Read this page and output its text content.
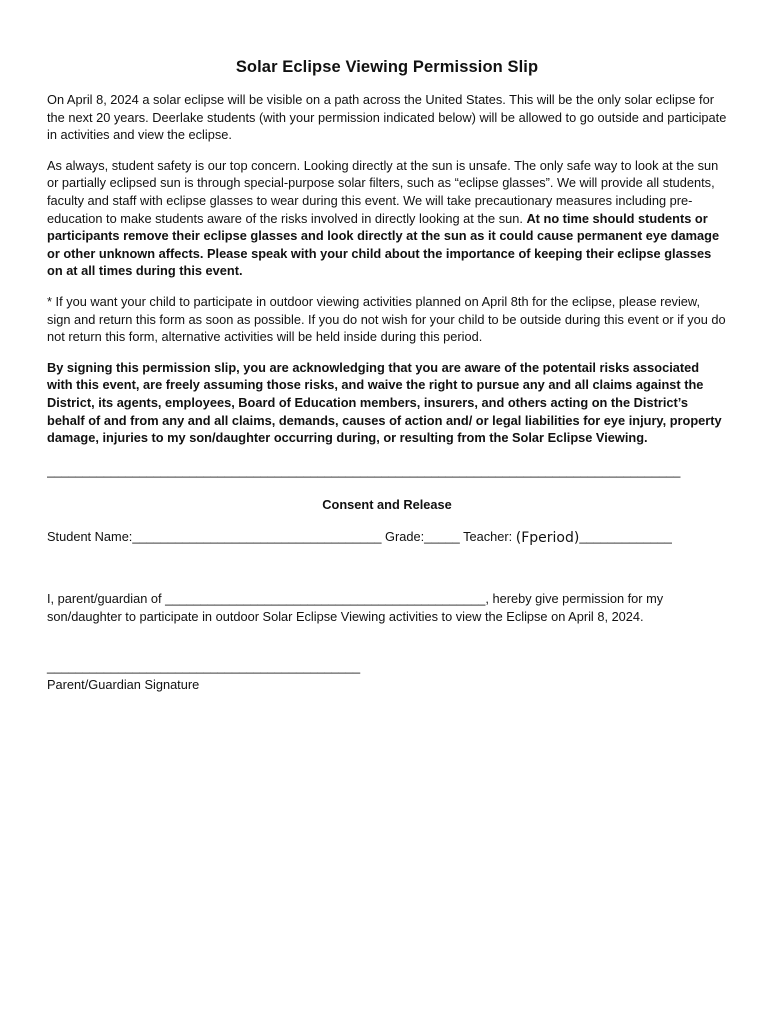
Solar Eclipse Viewing Permission Slip

On April 8, 2024 a solar eclipse will be visible on a path across the United States. This will be the only solar eclipse for the next 20 years. Deerlake students (with your permission indicated below) will be allowed to go outside and participate in activities and view the eclipse.

As always, student safety is our top concern. Looking directly at the sun is unsafe. The only safe way to look at the sun or partially eclipsed sun is through special-purpose solar filters, such as “eclipse glasses”. We will provide all students, faculty and staff with eclipse glasses to wear during this event. We will take precautionary measures including pre-education to make students aware of the risks involved in directly looking at the sun. At no time should students or participants remove their eclipse glasses and look directly at the sun as it could cause permanent eye damage or other unknown affects. Please speak with your child about the importance of keeping their eclipse glasses on at all times during this event.

* If you want your child to participate in outdoor viewing activities planned on April 8th for the eclipse, please review, sign and return this form as soon as possible. If you do not wish for your child to be outside during this event or if you do not return this form, alternative activities will be held inside during this period.

By signing this permission slip, you are acknowledging that you are aware of the potentail risks associated with this event, are freely assuming those risks, and waive the right to pursue any and all claims against the District, its agents, employees, Board of Education members, insurers, and others acting on the District’s behalf of and from any and all claims, demands, causes of action and/ or legal liabilities for eye injury, property damage, injuries to my son/daughter occurring during, or resulting from the Solar Eclipse Viewing.

_________________________________________________________________________________________
Consent and Release
Student Name:___________________________________ Grade:_____ Teacher: (Fperiod)_____________
I, parent/guardian of _____________________________________________, hereby give permission for my
son/daughter to participate in outdoor Solar Eclipse Viewing activities to view the Eclipse on April 8, 2024.
____________________________________________
Parent/Guardian Signature
